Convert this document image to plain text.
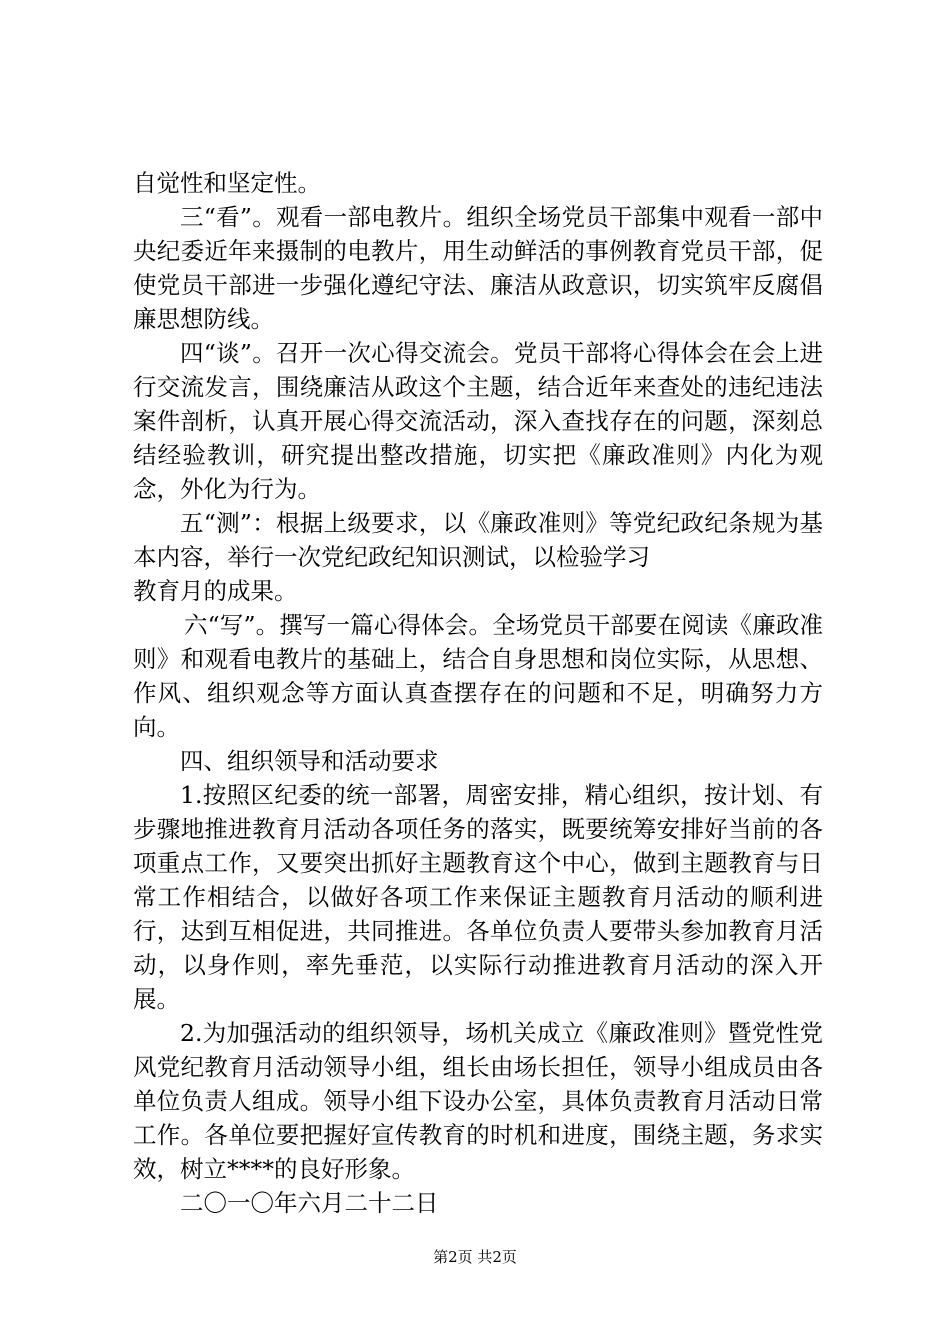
自觉性和坚定性。

三“看”。观看一部电教片。组织全场党员干部集中观看一部中央纪委近年来摄制的电教片，用生动鲜活的事例教育党员干部，促使党员干部进一步强化遵纪守法、廉洁从政意识，切实筑牢反腐倡廉思想防线。

四“谈”。召开一次心得交流会。党员干部将心得体会在会上进行交流发言，围绕廉洁从政这个主题，结合近年来查处的违纪违法案件剖析，认真开展心得交流活动，深入查找存在的问题，深刻总结经验教训，研究提出整改措施，切实把《廉政准则》内化为观念，外化为行为。

五“测”：根据上级要求，以《廉政准则》等党纪政纪条规为基本内容，举行一次党纪政纪知识测试，以检验学习

教育月的成果。

六“写”。撰写一篇心得体会。全场党员干部要在阅读《廉政准则》和观看电教片的基础上，结合自身思想和岗位实际，从思想、作风、组织观念等方面认真查摆存在的问题和不足，明确努力方向。

四、组织领导和活动要求

1.按照区纪委的统一部署，周密安排，精心组织，按计划、有步骤地推进教育月活动各项任务的落实，既要统筹安排好当前的各项重点工作，又要突出抓好主题教育这个中心，做到主题教育与日常工作相结合，以做好各项工作来保证主题教育月活动的顺利进行，达到互相促进，共同推进。各单位负责人要带头参加教育月活动，以身作则，率先垂范，以实际行动推进教育月活动的深入开展。

2.为加强活动的组织领导，场机关成立《廉政准则》暨党性党风党纪教育月活动领导小组，组长由场长担任，领导小组成员由各单位负责人组成。领导小组下设办公室，具体负责教育月活动日常工作。各单位要把握好宣传教育的时机和进度，围绕主题，务求实效，树立****的良好形象。

二〇一〇年六月二十二日

第2页 共2页
